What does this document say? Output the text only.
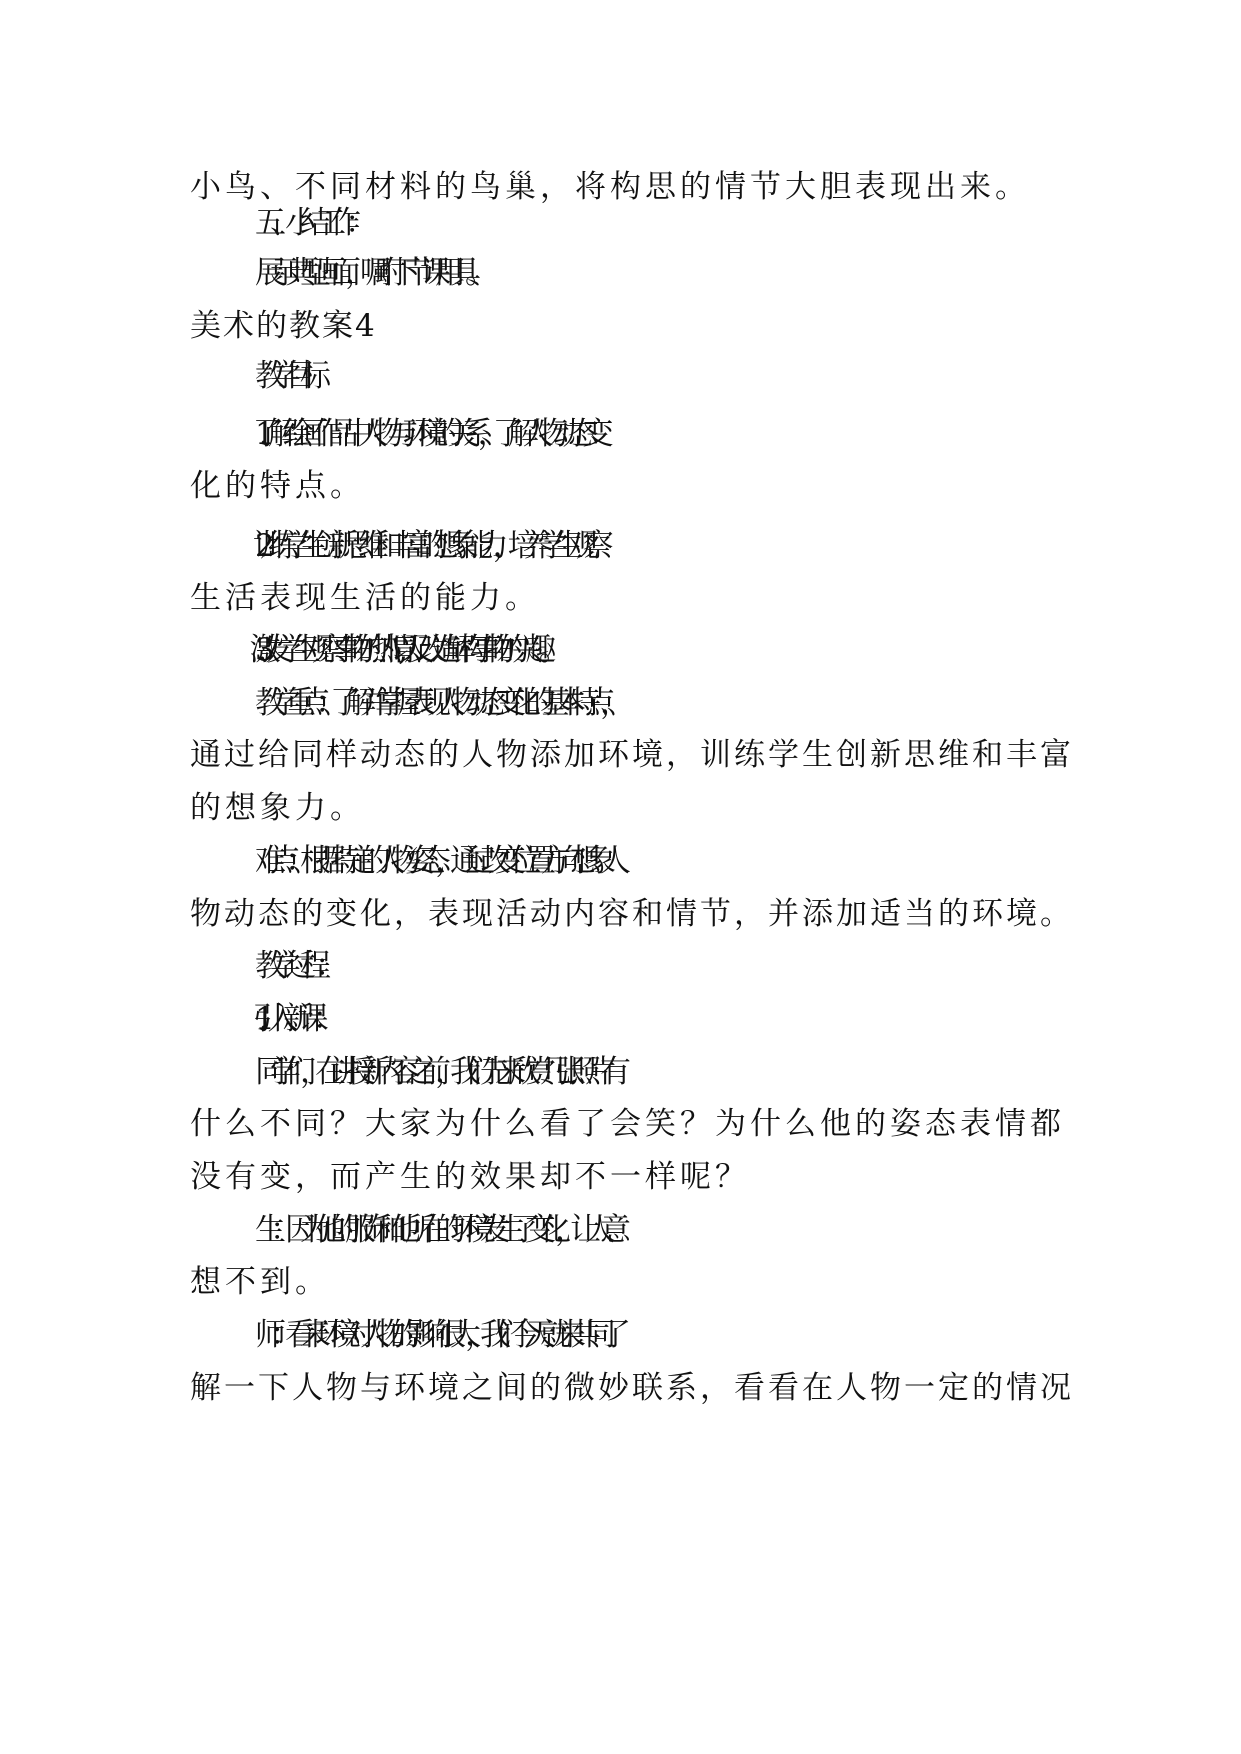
小鸟、不同材料的鸟巢，将构思的情节大胆表现出来。
五、小结工作：
展示典型画面，嘱咐下节课用具。
美术的教案4
教学目标
1.了解绘画作品中人物与环境的关系，了解人物动态变
化的特点。
2.训练学生创新思维和丰富的想象能力，培养学生观察
生活表现生活的能力。
3.激发学生观察事物的热情,以及改造解构事物的兴趣。
教学重点：了解并掌握表现人物动态变化的基本特点，
通过给同样动态的人物添加环境，训练学生创新思维和丰富
的想象力。
难点：根据特定的人物姿态，通过改变位置方向想象人
物动态的变化，表现活动内容和情节，并添加适当的环境。
教学过程：
1.引入新课：
同学们，在讲授新内容之前，我们先来欣赏几张照片有
什么不同？大家为什么看了会笑？为什么他的姿态表情都
没有变，而产生的效果却不一样呢？
生：因为他的服饰和他所在的环境发生了变化，让人意
想不到。
师：看来环境对人物的影响很大，我们今天就来共同了
解一下人物与环境之间的微妙联系，看看在人物一定的情况
